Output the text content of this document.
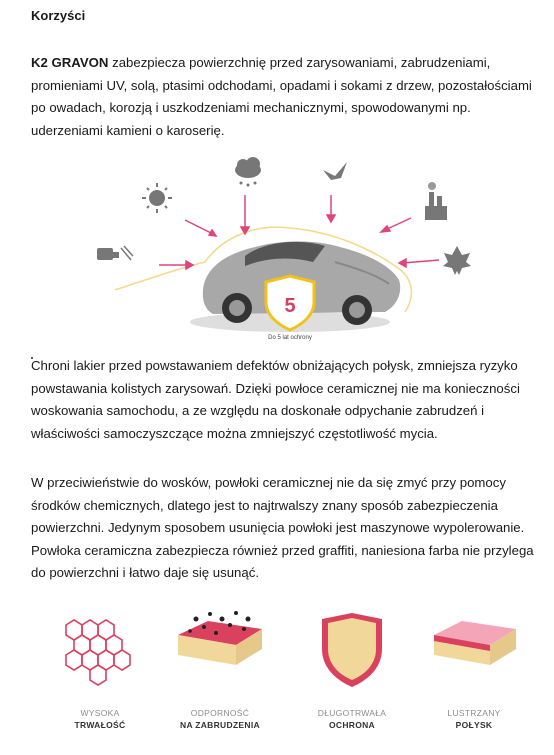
Korzyści
K2 GRAVON zabezpiecza powierzchnię przed zarysowaniami, zabrudzeniami, promieniami UV, solą, ptasimi odchodami, opadami i sokami z drzew, pozostałościami po owadach, korozją i uszkodzeniami mechanicznymi, spowodowanymi np. uderzeniami kamieni o karoserię.
5
Do 5 lat ochrony
Chroni lakier przed powstawaniem defektów obniżających połysk, zmniejsza ryzyko powstawania kolistych zarysowań. Dzięki powłoce ceramicznej nie ma konieczności woskowania samochodu, a ze względu na doskonałe odpychanie zabrudzeń i właściwości samoczyszczące można zmniejszyć częstotliwość mycia.
W przeciwieństwie do wosków, powłoki ceramicznej nie da się zmyć przy pomocy środków chemicznych, dlatego jest to najtrwalszy znany sposób zabezpieczenia powierzchni. Jedynym sposobem usunięcia powłoki jest maszynowe wypolerowanie. Powłoka ceramiczna zabezpiecza również przed graffiti, naniesiona farba nie przylega do powierzchni i łatwo daje się usunąć.
WYSOKA
TRWAŁOŚĆ
ODPORNOŚĆ
NA ZABRUDZENIA
DŁUGOTRWAŁA
OCHRONA
LUSTRZANY
POŁYSK
